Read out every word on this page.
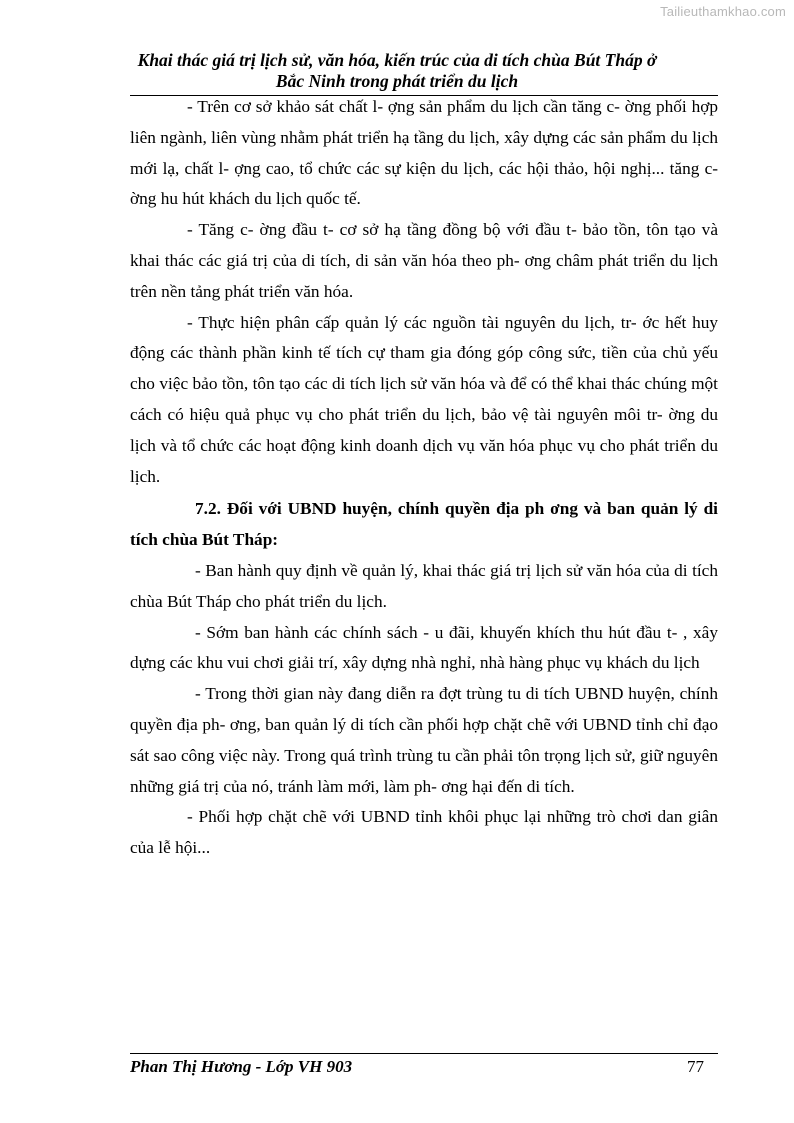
Tailieuthamkhao.com
Khai thác giá trị lịch sử, văn hóa, kiến trúc của di tích chùa Bút Tháp ở
Bắc Ninh trong phát triển du lịch

- Trên cơ sở khảo sát chất l- ợng sản phẩm du lịch cần tăng c- ờng phối hợp liên ngành, liên vùng nhằm phát triển hạ tầng du lịch, xây dựng các sản phẩm du lịch mới lạ, chất l- ợng cao, tổ chức các sự kiện du lịch, các hội thảo, hội nghị... tăng c- ờng hu hút khách du lịch quốc tế.

- Tăng c- ờng đầu t- cơ sở hạ tầng đồng bộ với đầu t- bảo tồn, tôn tạo và khai thác các giá trị của di tích, di sản văn hóa theo ph- ơng châm phát triển du lịch trên nền tảng phát triển văn hóa.

- Thực hiện phân cấp quản lý các nguồn tài nguyên du lịch, tr- ớc hết huy động các thành phần kinh tế tích cự tham gia đóng góp công sức, tiền của chủ yếu cho việc bảo tồn, tôn tạo các di tích lịch sử văn hóa và để có thể khai thác chúng một cách có hiệu quả phục vụ cho phát triển du lịch, bảo vệ tài nguyên môi tr- ờng du lịch và tổ chức các hoạt động kinh doanh dịch vụ văn hóa phục vụ cho phát triển du lịch.

7.2. Đối với UBND huyện, chính quyền địa ph ơng và ban quản lý di tích chùa Bút Tháp:

- Ban hành quy định về quản lý, khai thác giá trị lịch sử văn hóa của di tích chùa Bút Tháp cho phát triển du lịch.

- Sớm ban hành các chính sách - u đãi, khuyến khích thu hút đầu t- , xây dựng các khu vui chơi giải trí, xây dựng nhà nghỉ, nhà hàng phục vụ khách du lịch

- Trong thời gian này đang diễn ra đợt trùng tu di tích UBND huyện, chính quyền địa ph- ơng, ban quản lý di tích cần phối hợp chặt chẽ với UBND tỉnh chỉ đạo sát sao công việc này. Trong quá trình trùng tu cần phải tôn trọng lịch sử, giữ nguyên những giá trị của nó, tránh làm mới, làm ph- ơng hại đến di tích.

- Phối hợp chặt chẽ với UBND tỉnh khôi phục lại những trò chơi dan giân của lễ hội...

Phan Thị Hương - Lớp VH 903	77
